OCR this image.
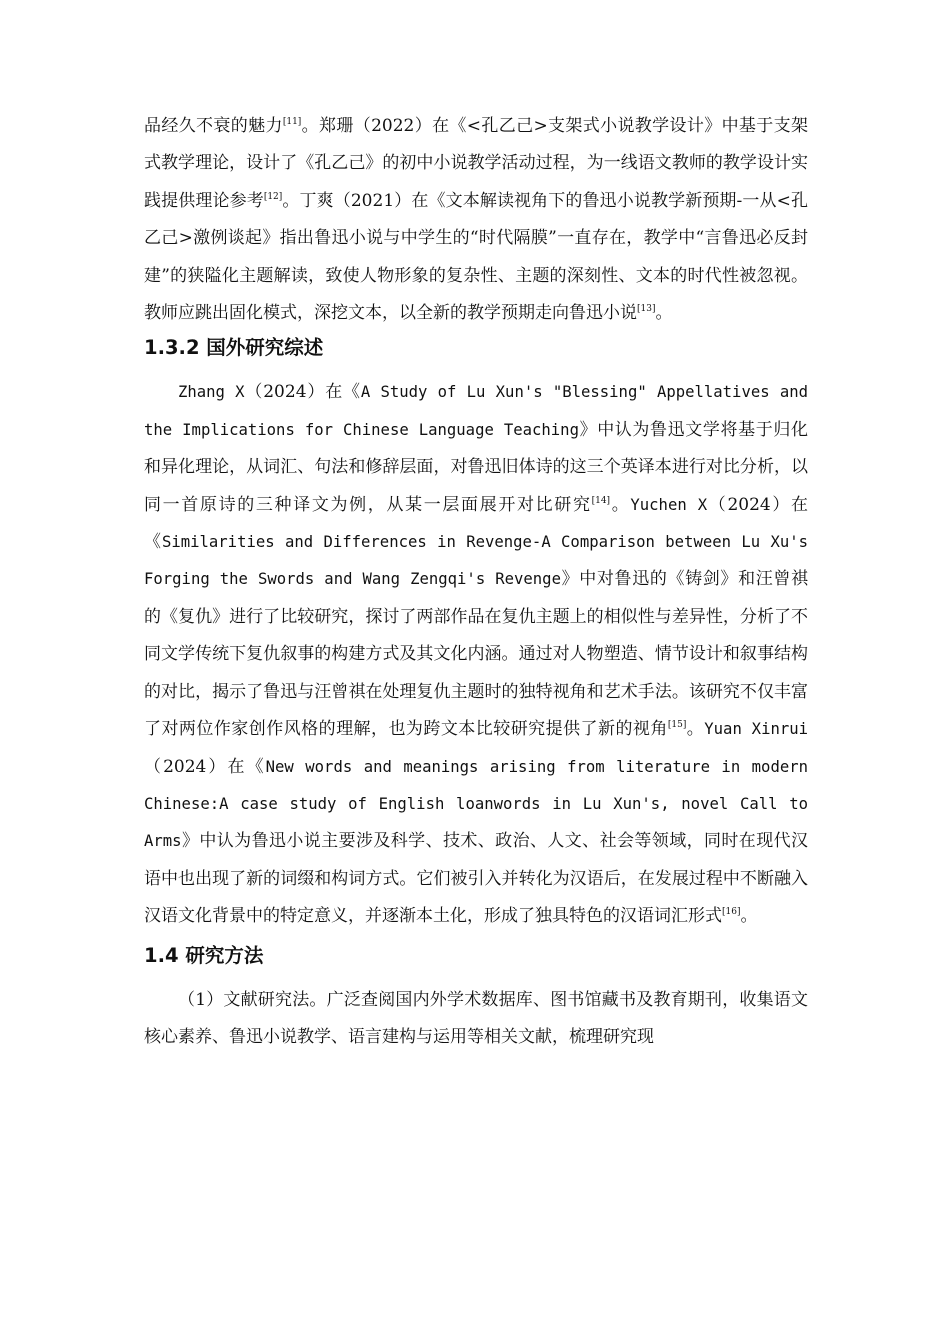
品经久不衰的魅力[11]。郑珊（2022）在《<孔乙己>支架式小说教学设计》中基于支架式教学理论，设计了《孔乙己》的初中小说教学活动过程，为一线语文教师的教学设计实践提供理论参考[12]。丁爽（2021）在《文本解读视角下的鲁迅小说教学新预期-一从<孔乙己>激例谈起》指出鲁迅小说与中学生的“时代隔膜”一直存在，教学中“言鲁迅必反封建”的狭隘化主题解读，致使人物形象的复杂性、主题的深刻性、文本的时代性被忽视。教师应跳出固化模式，深挖文本，以全新的教学预期走向鲁迅小说[13]。

1.3.2 国外研究综述

Zhang X（2024）在《A Study of Lu Xun's "Blessing" Appellatives and the Implications for Chinese Language Teaching》中认为鲁迅文学将基于归化和异化理论，从词汇、句法和修辞层面，对鲁迅旧体诗的这三个英译本进行对比分析，以同一首原诗的三种译文为例，从某一层面展开对比研究[14]。Yuchen X（2024）在《Similarities and Differences in Revenge-A Comparison between Lu Xu's Forging the Swords and Wang Zengqi's Revenge》中对鲁迅的《铸剑》和汪曾祺的《复仇》进行了比较研究，探讨了两部作品在复仇主题上的相似性与差异性，分析了不同文学传统下复仇叙事的构建方式及其文化内涵。通过对人物塑造、情节设计和叙事结构的对比，揭示了鲁迅与汪曾祺在处理复仇主题时的独特视角和艺术手法。该研究不仅丰富了对两位作家创作风格的理解，也为跨文本比较研究提供了新的视角[15]。Yuan Xinrui（2024）在《New words and meanings arising from literature in modern Chinese:A case study of English loanwords in Lu Xun's, novel Call to Arms》中认为鲁迅小说主要涉及科学、技术、政治、人文、社会等领域，同时在现代汉语中也出现了新的词缀和构词方式。它们被引入并转化为汉语后，在发展过程中不断融入汉语文化背景中的特定意义，并逐渐本土化，形成了独具特色的汉语词汇形式[16]。

1.4 研究方法

（1）文献研究法。广泛查阅国内外学术数据库、图书馆藏书及教育期刊，收集语文核心素养、鲁迅小说教学、语言建构与运用等相关文献，梳理研究现
